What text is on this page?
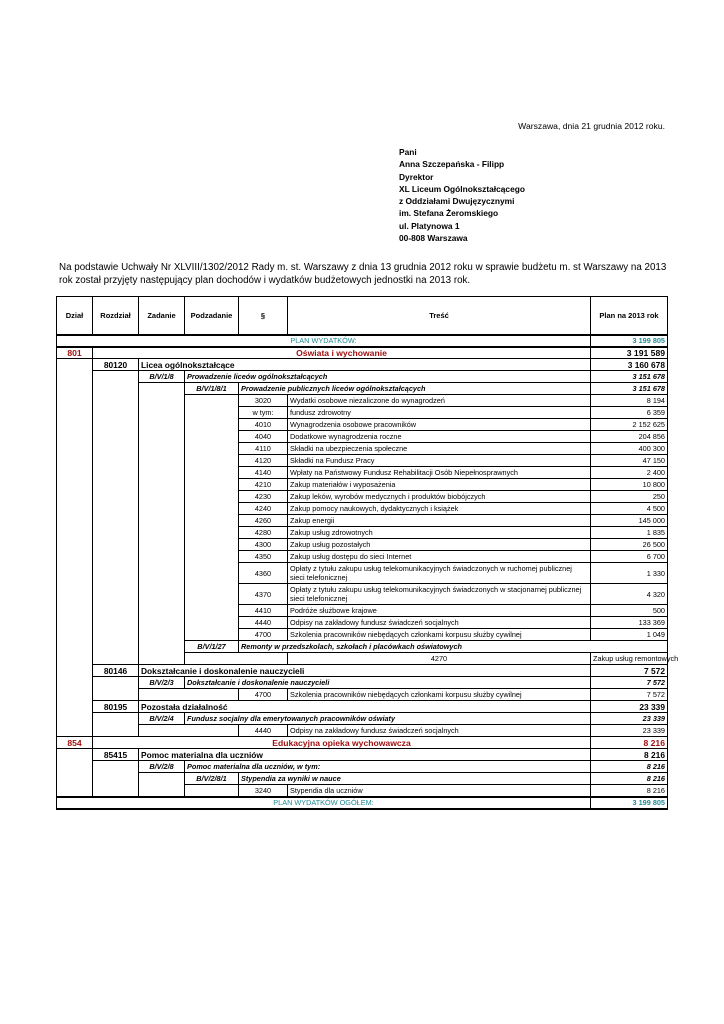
Warszawa, dnia 21 grudnia 2012 roku.
Pani
Anna Szczepańska - Filipp
Dyrektor
XL Liceum Ogólnokształcącego
z Oddziałami Dwujęzycznymi
im. Stefana Żeromskiego
ul. Platynowa 1
00-808 Warszawa
Na podstawie Uchwały Nr XLVIII/1302/2012 Rady m. st. Warszawy z dnia 13 grudnia 2012 roku w sprawie budżetu m. st Warszawy na 2013 rok został przyjęty następujący plan dochodów i wydatków budżetowych jednostki na 2013 rok.
Dział	Rozdział	Zadanie	Podzadanie	§	Treść	Plan na 2013 rok	
PLAN WYDATKÓW:						3 199 805	
801	Oświata i wychowanie					3 191 589	
	80120	Licea ogólnokształcące				3 160 678	
		B/V/1/8	Prowadzenie liceów ogólnokształcących			3 151 678	
			B/V/1/8/1	Prowadzenie publicznych liceów ogólnokształcących		3 151 678	
				3020	Wydatki osobowe niezaliczone do wynagrodzeń	8 194	
				w tym:	fundusz zdrowotny	6 359	
				4010	Wynagrodzenia osobowe pracowników	2 152 625	
				4040	Dodatkowe wynagrodzenia roczne	204 856	
				4110	Składki na ubezpieczenia społeczne	400 300	
				4120	Składki na Fundusz Pracy	47 150	
				4140	Wpłaty na Państwowy Fundusz Rehabilitacji Osób Niepełnosprawnych	2 400	
				4210	Zakup materiałów i wyposażenia	10 800	
				4230	Zakup leków, wyrobów medycznych i produktów biobójczych	250	
				4240	Zakup pomocy naukowych, dydaktycznych i książek	4 500	
				4260	Zakup energii	145 000	
				4280	Zakup usług zdrowotnych	1 835	
				4300	Zakup usług pozostałych	26 500	
				4350	Zakup usług dostępu do sieci Internet	6 700	
				4360	Opłaty z tytułu zakupu usług telekomunikacyjnych świadczonych w ruchomej publicznej sieci telefonicznej	1 330	
				4370	Opłaty z tytułu zakupu usług telekomunikacyjnych świadczonych w stacjonarnej publicznej sieci telefonicznej	4 320	
				4410	Podróże służbowe krajowe	500	
				4440	Odpisy na zakładowy fundusz świadczeń socjalnych	133 369	
				4700	Szkolenia pracowników niebędących członkami korpusu służby cywilnej	1 049	
			B/V/1/27	Remonty w przedszkolach, szkołach i placówkach oświatowych	
					4270	Zakup usług remontowych	
	80146	Dokształcanie i doskonalenie nauczycieli				7 572	
		B/V/2/3	Dokształcanie i doskonalenie nauczycieli			7 572	
				4700	Szkolenia pracowników niebędących członkami korpusu służby cywilnej	7 572	
	80195	Pozostała działalność				23 339	
		B/V/2/4	Fundusz socjalny dla emerytowanych pracowników oświaty			23 339	
				4440	Odpisy na zakładowy fundusz świadczeń socjalnych	23 339	
854	Edukacyjna opieka wychowawcza					8 216	
	85415	Pomoc materialna dla uczniów				8 216	
		B/V/2/8	Pomoc materialna dla uczniów, w tym:			8 216	
			B/V/2/8/1	Stypendia za wyniki w nauce		8 216	
				3240	Stypendia dla uczniów	8 216	
PLAN WYDATKÓW OGÓŁEM:						3 199 805	
